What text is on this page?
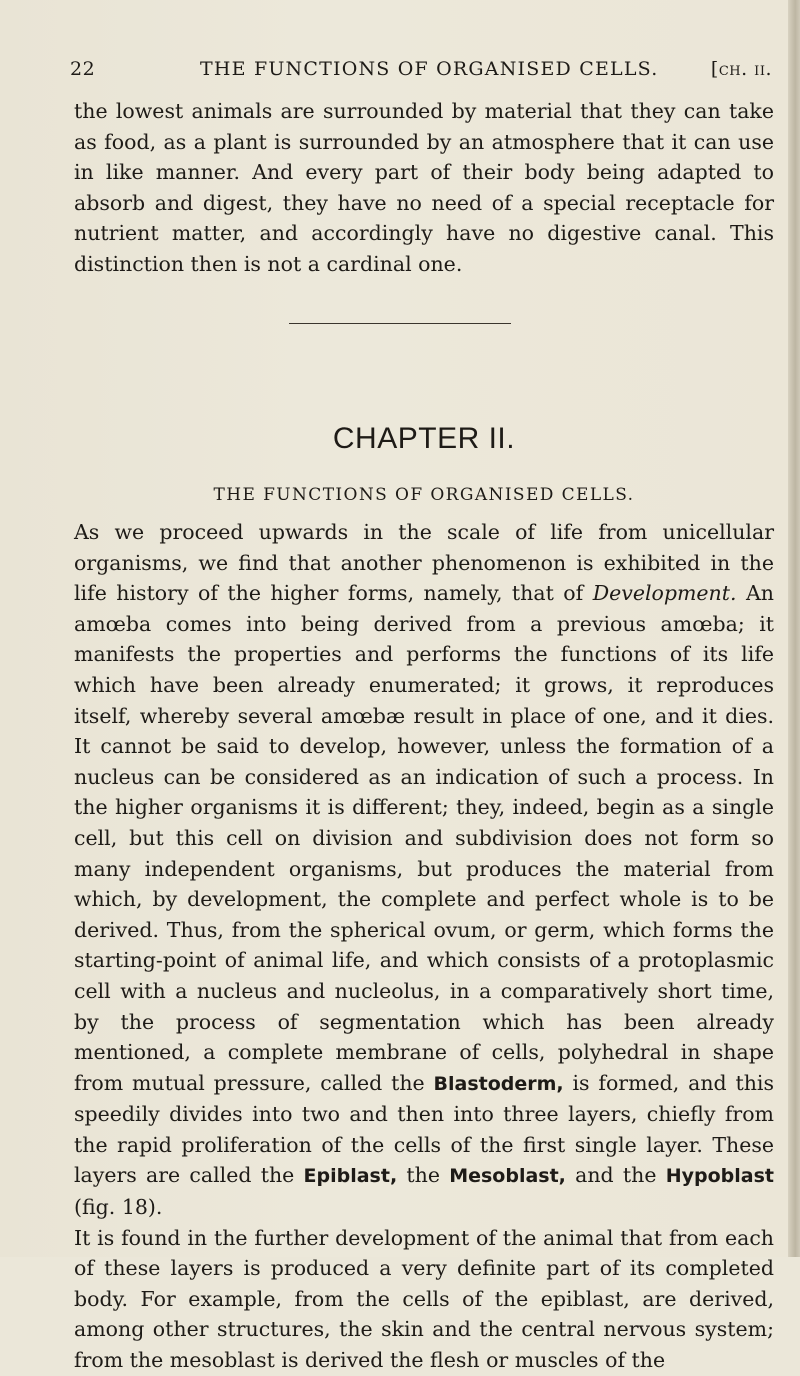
22	THE FUNCTIONS OF ORGANISED CELLS.	[ch. ii.

the lowest animals are surrounded by material that they can take as food, as a plant is surrounded by an atmosphere that it can use in like manner. And every part of their body being adapted to absorb and digest, they have no need of a special receptacle for nutrient matter, and accordingly have no digestive canal. This distinction then is not a cardinal one.

CHAPTER II.
THE FUNCTIONS OF ORGANISED CELLS.

As we proceed upwards in the scale of life from unicellular organisms, we find that another phenomenon is exhibited in the life history of the higher forms, namely, that of Development. An amœba comes into being derived from a previous amœba; it manifests the properties and performs the functions of its life which have been already enumerated; it grows, it reproduces itself, whereby several amœbæ result in place of one, and it dies. It cannot be said to develop, however, unless the formation of a nucleus can be considered as an indication of such a process. In the higher organisms it is different; they, indeed, begin as a single cell, but this cell on division and subdivision does not form so many independent organisms, but produces the material from which, by development, the complete and perfect whole is to be derived. Thus, from the spherical ovum, or germ, which forms the starting-point of animal life, and which consists of a protoplasmic cell with a nucleus and nucleolus, in a comparatively short time, by the process of segmentation which has been already mentioned, a complete membrane of cells, polyhedral in shape from mutual pressure, called the Blastoderm, is formed, and this speedily divides into two and then into three layers, chiefly from the rapid proliferation of the cells of the first single layer. These layers are called the Epiblast, the Mesoblast, and the Hypoblast (fig. 18).

It is found in the further development of the animal that from each of these layers is produced a very definite part of its completed body. For example, from the cells of the epiblast, are derived, among other structures, the skin and the central nervous system; from the mesoblast is derived the flesh or muscles of the
